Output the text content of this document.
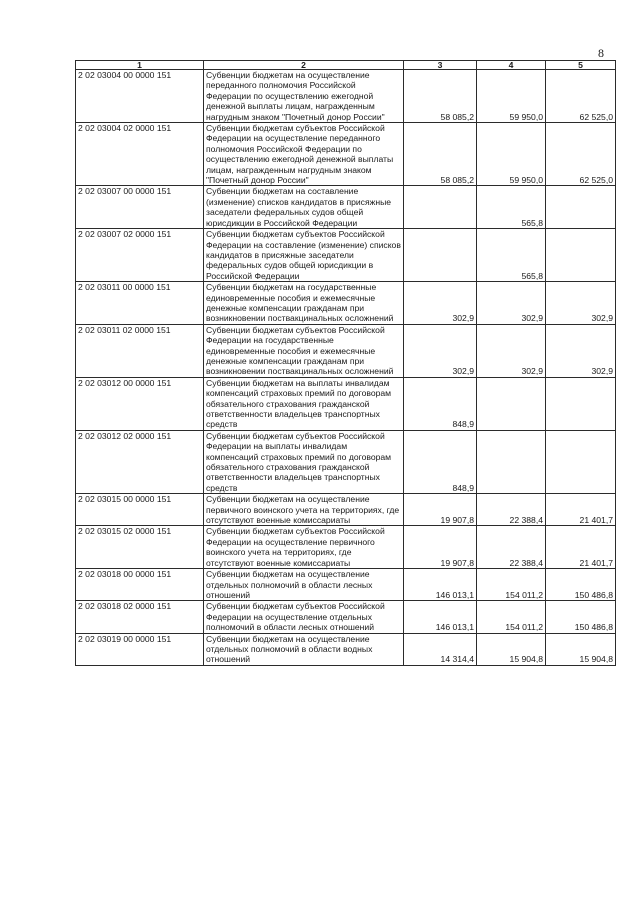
8
1	2	3	4	5
2 02 03004 00 0000 151	Субвенции бюджетам на осуществление переданного полномочия Российской Федерации по осуществлению ежегодной денежной выплаты лицам, награжденным нагрудным знаком "Почетный донор России"	58 085,2	59 950,0	62 525,0
2 02 03004 02 0000 151	Субвенции бюджетам субъектов Российской Федерации на осуществление переданного полномочия Российской Федерации по осуществлению ежегодной денежной выплаты лицам, награжденным нагрудным знаком "Почетный донор России"	58 085,2	59 950,0	62 525,0
2 02 03007 00 0000 151	Субвенции бюджетам на составление (изменение) списков кандидатов в присяжные заседатели федеральных судов общей юрисдикции в Российской Федерации		565,8	
2 02 03007 02 0000 151	Субвенции бюджетам субъектов Российской Федерации на составление (изменение) списков кандидатов в присяжные заседатели федеральных судов общей юрисдикции в Российской Федерации		565,8	
2 02 03011 00 0000 151	Субвенции бюджетам на государственные единовременные пособия и ежемесячные денежные компенсации гражданам при возникновении поствакцинальных осложнений	302,9	302,9	302,9
2 02 03011 02 0000 151	Субвенции бюджетам субъектов Российской Федерации на государственные единовременные пособия и ежемесячные денежные компенсации гражданам при возникновении поствакцинальных осложнений	302,9	302,9	302,9
2 02 03012 00 0000 151	Субвенции бюджетам на выплаты инвалидам компенсаций страховых премий по договорам обязательного страхования гражданской ответственности владельцев транспортных средств	848,9		
2 02 03012 02 0000 151	Субвенции бюджетам субъектов Российской Федерации на выплаты инвалидам компенсаций страховых премий по договорам обязательного страхования гражданской ответственности владельцев транспортных средств	848,9		
2 02 03015 00 0000 151	Субвенции бюджетам на осуществление первичного воинского учета на территориях, где отсутствуют военные комиссариаты	19 907,8	22 388,4	21 401,7
2 02 03015 02 0000 151	Субвенции бюджетам субъектов Российской Федерации на осуществление первичного воинского учета на территориях, где отсутствуют военные комиссариаты	19 907,8	22 388,4	21 401,7
2 02 03018 00 0000 151	Субвенции бюджетам на осуществление отдельных полномочий в области лесных отношений	146 013,1	154 011,2	150 486,8
2 02 03018 02 0000 151	Субвенции бюджетам субъектов Российской Федерации на осуществление отдельных полномочий в области лесных отношений	146 013,1	154 011,2	150 486,8
2 02 03019 00 0000 151	Субвенции бюджетам на осуществление отдельных полномочий в области водных отношений	14 314,4	15 904,8	15 904,8
